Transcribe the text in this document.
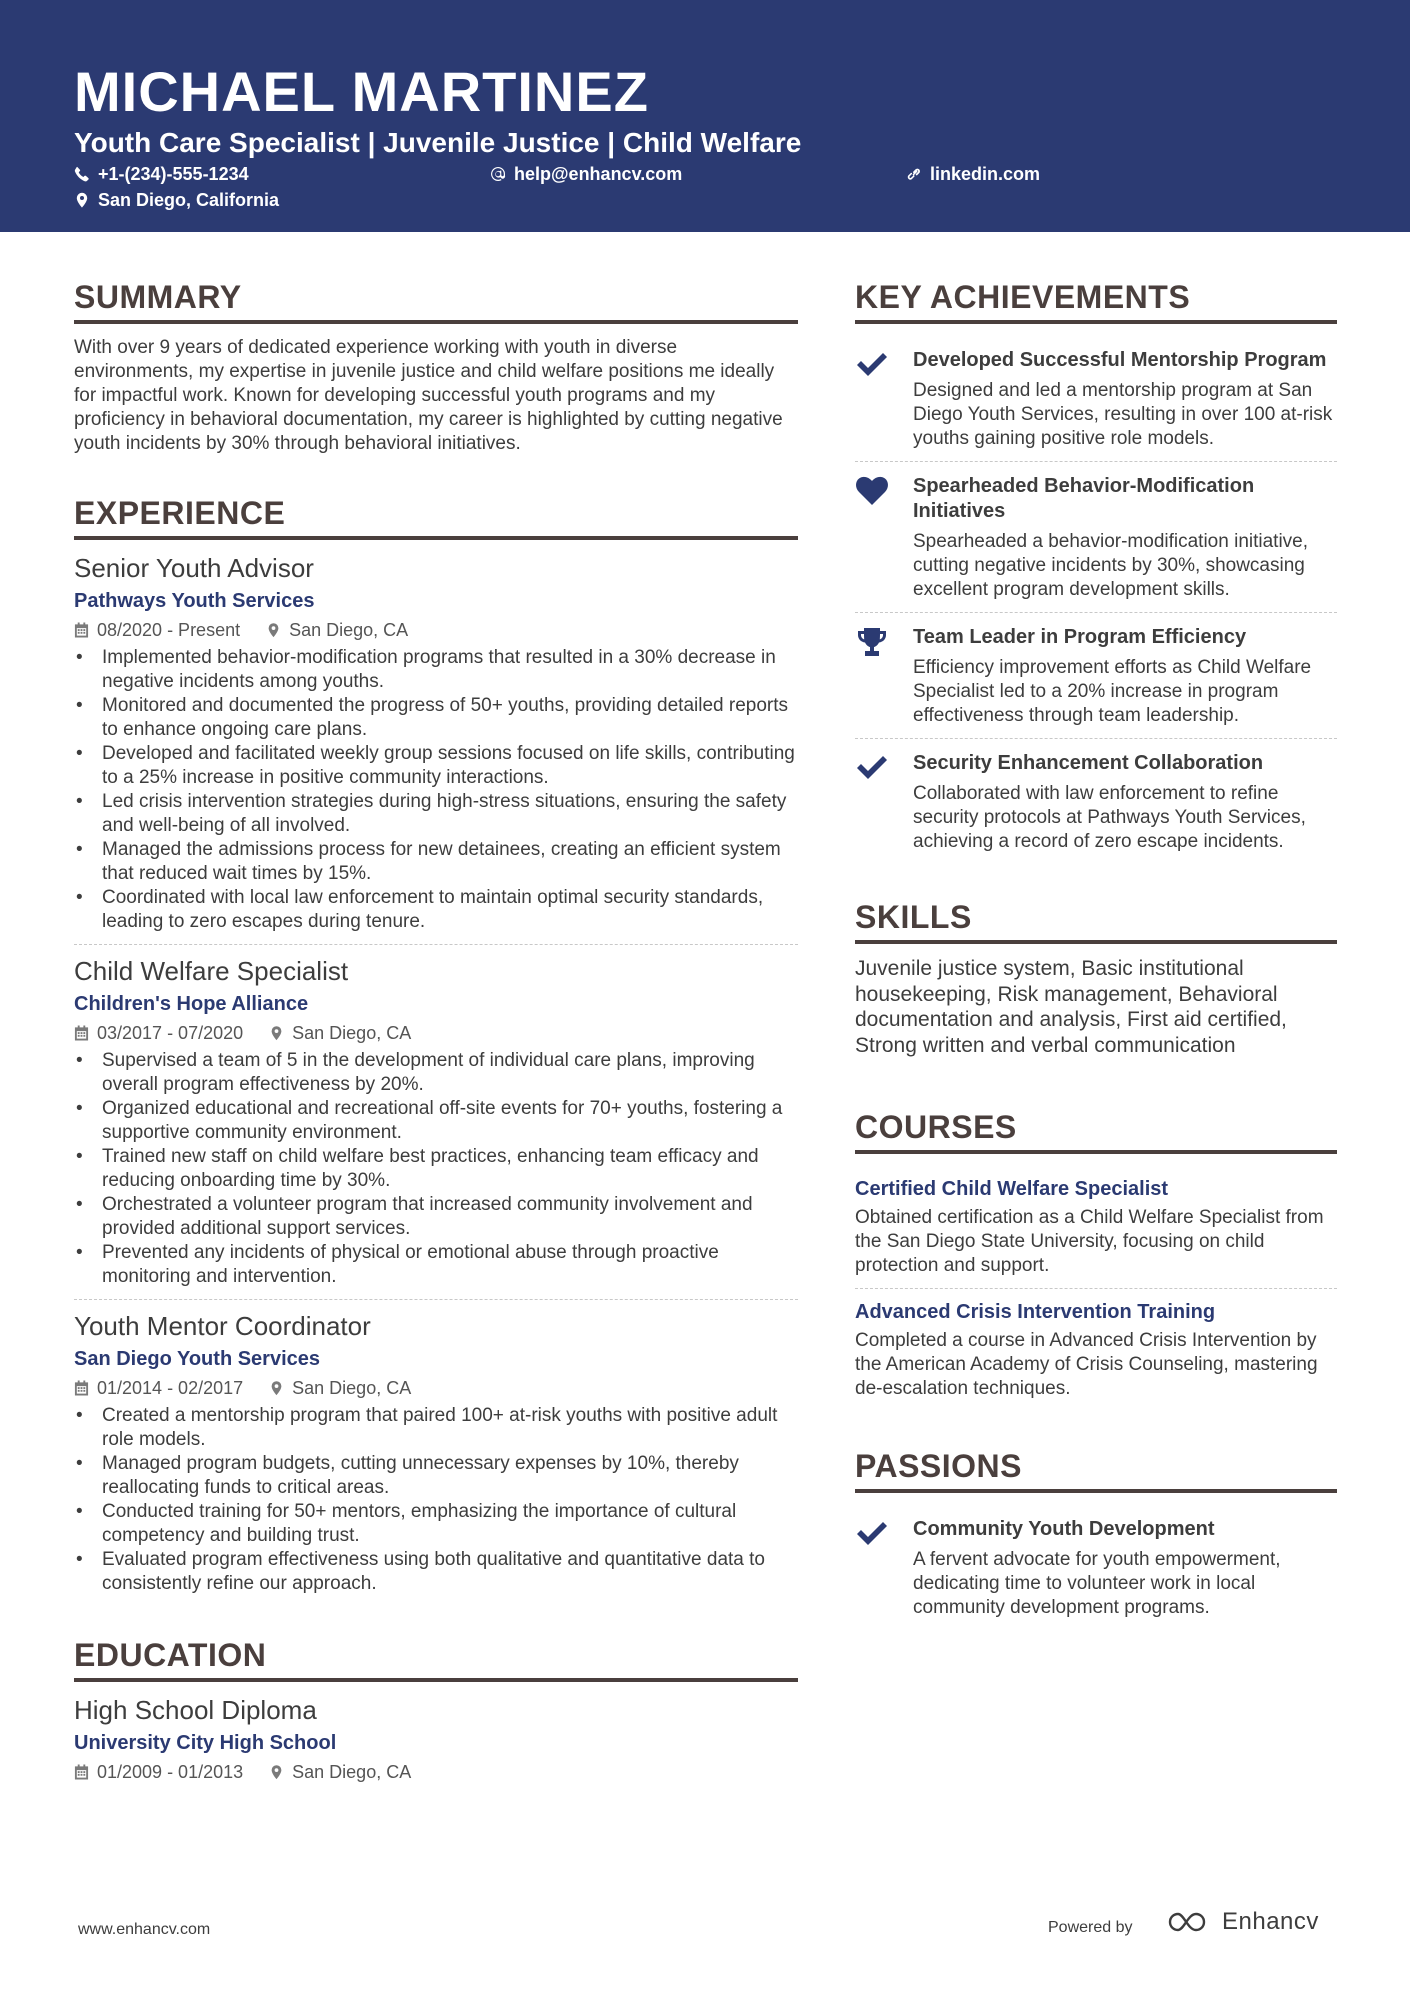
MICHAEL MARTINEZ
Youth Care Specialist | Juvenile Justice | Child Welfare
+1-(234)-555-1234	help@enhancv.com	linkedin.com
San Diego, California
SUMMARY
With over 9 years of dedicated experience working with youth in diverse environments, my expertise in juvenile justice and child welfare positions me ideally for impactful work. Known for developing successful youth programs and my proficiency in behavioral documentation, my career is highlighted by cutting negative youth incidents by 30% through behavioral initiatives.
EXPERIENCE
Senior Youth Advisor
Pathways Youth Services
08/2020 - Present	San Diego, CA
• Implemented behavior-modification programs that resulted in a 30% decrease in negative incidents among youths.
• Monitored and documented the progress of 50+ youths, providing detailed reports to enhance ongoing care plans.
• Developed and facilitated weekly group sessions focused on life skills, contributing to a 25% increase in positive community interactions.
• Led crisis intervention strategies during high-stress situations, ensuring the safety and well-being of all involved.
• Managed the admissions process for new detainees, creating an efficient system that reduced wait times by 15%.
• Coordinated with local law enforcement to maintain optimal security standards, leading to zero escapes during tenure.
Child Welfare Specialist
Children's Hope Alliance
03/2017 - 07/2020	San Diego, CA
• Supervised a team of 5 in the development of individual care plans, improving overall program effectiveness by 20%.
• Organized educational and recreational off-site events for 70+ youths, fostering a supportive community environment.
• Trained new staff on child welfare best practices, enhancing team efficacy and reducing onboarding time by 30%.
• Orchestrated a volunteer program that increased community involvement and provided additional support services.
• Prevented any incidents of physical or emotional abuse through proactive monitoring and intervention.
Youth Mentor Coordinator
San Diego Youth Services
01/2014 - 02/2017	San Diego, CA
• Created a mentorship program that paired 100+ at-risk youths with positive adult role models.
• Managed program budgets, cutting unnecessary expenses by 10%, thereby reallocating funds to critical areas.
• Conducted training for 50+ mentors, emphasizing the importance of cultural competency and building trust.
• Evaluated program effectiveness using both qualitative and quantitative data to consistently refine our approach.
EDUCATION
High School Diploma
University City High School
01/2009 - 01/2013	San Diego, CA
KEY ACHIEVEMENTS
Developed Successful Mentorship Program
Designed and led a mentorship program at San Diego Youth Services, resulting in over 100 at-risk youths gaining positive role models.
Spearheaded Behavior-Modification Initiatives
Spearheaded a behavior-modification initiative, cutting negative incidents by 30%, showcasing excellent program development skills.
Team Leader in Program Efficiency
Efficiency improvement efforts as Child Welfare Specialist led to a 20% increase in program effectiveness through team leadership.
Security Enhancement Collaboration
Collaborated with law enforcement to refine security protocols at Pathways Youth Services, achieving a record of zero escape incidents.
SKILLS
Juvenile justice system, Basic institutional housekeeping, Risk management, Behavioral documentation and analysis, First aid certified, Strong written and verbal communication
COURSES
Certified Child Welfare Specialist
Obtained certification as a Child Welfare Specialist from the San Diego State University, focusing on child protection and support.
Advanced Crisis Intervention Training
Completed a course in Advanced Crisis Intervention by the American Academy of Crisis Counseling, mastering de-escalation techniques.
PASSIONS
Community Youth Development
A fervent advocate for youth empowerment, dedicating time to volunteer work in local community development programs.
www.enhancv.com	Powered by	Enhancv
